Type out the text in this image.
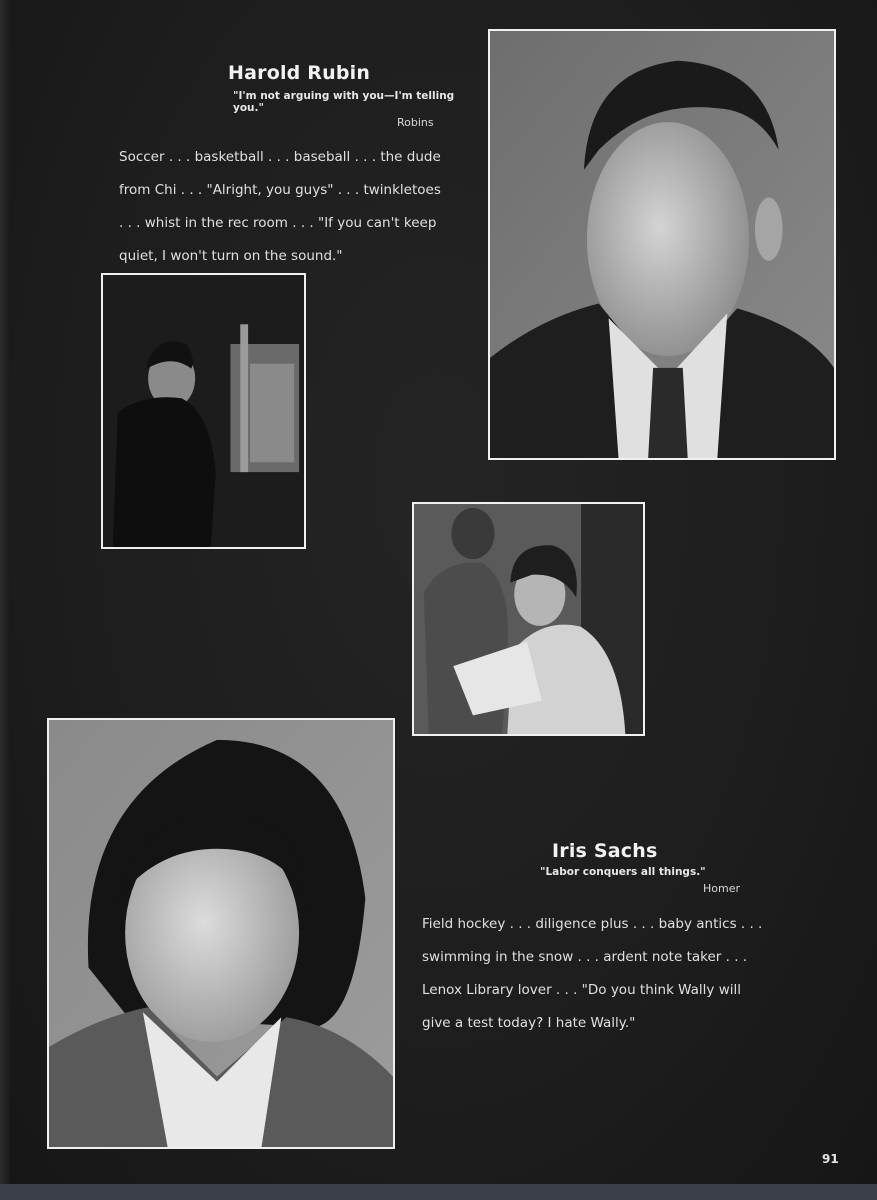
Harold Rubin
"I'm not arguing with you—I'm telling
you."
Robins
Soccer . . . basketball . . . baseball . . . the dude
from Chi . . . "Alright, you guys" . . . twinkletoes
. . . whist in the rec room . . . "If you can't keep
quiet, I won't turn on the sound."
Iris Sachs
"Labor conquers all things."
Homer
Field hockey . . . diligence plus . . . baby antics . . .
swimming in the snow . . . ardent note taker . . .
Lenox Library lover . . . "Do you think Wally will
give a test today? I hate Wally."
91
